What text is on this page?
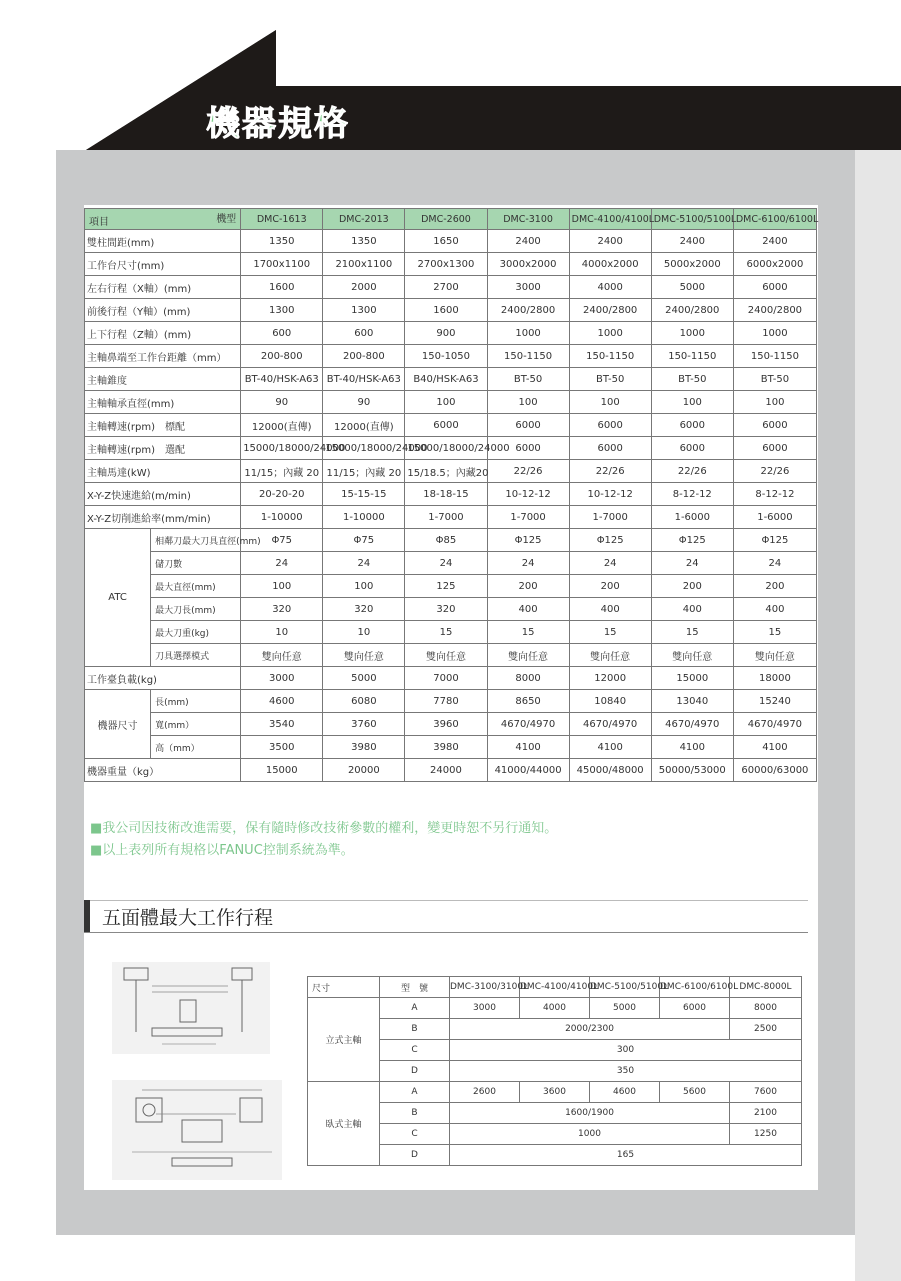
機器規格
機型
項目		DMC-1613	DMC-2013	DMC-2600	DMC-3100	DMC-4100/4100L	DMC-5100/5100L	DMC-6100/6100L
雙柱間距(mm)		1350	1350	1650	2400	2400	2400	2400
工作台尺寸(mm)		1700x1100	2100x1100	2700x1300	3000x2000	4000x2000	5000x2000	6000x2000
左右行程（X軸）(mm)		1600	2000	2700	3000	4000	5000	6000
前後行程（Y軸）(mm)		1300	1300	1600	2400/2800	2400/2800	2400/2800	2400/2800
上下行程（Z軸）(mm)		600	600	900	1000	1000	1000	1000
主軸鼻端至工作台距離（mm）		200-800	200-800	150-1050	150-1150	150-1150	150-1150	150-1150
主軸錐度		BT-40/HSK-A63	BT-40/HSK-A63	B40/HSK-A63	BT-50	BT-50	BT-50	BT-50
主軸軸承直徑(mm)		90	90	100	100	100	100	100
主軸轉速(rpm)　標配		12000(直傳)	12000(直傳)	6000	6000	6000	6000	6000
主軸轉速(rpm)　選配		15000/18000/24000	15000/18000/24000	15000/18000/24000	6000	6000	6000	6000
主軸馬達(kW)		11/15；內藏 20	11/15；內藏 20	15/18.5；內藏20	22/26	22/26	22/26	22/26
X-Y-Z快速進給(m/min)		20-20-20	15-15-15	18-18-15	10-12-12	10-12-12	8-12-12	8-12-12
X-Y-Z切削進給率(mm/min)		1-10000	1-10000	1-7000	1-7000	1-7000	1-6000	1-6000
ATC	相鄰刀最大刀具直徑(mm)	Φ75	Φ75	Φ85	Φ125	Φ125	Φ125	Φ125
	儲刀數	24	24	24	24	24	24	24
	最大直徑(mm)	100	100	125	200	200	200	200
	最大刀長(mm)	320	320	320	400	400	400	400
	最大刀重(kg)	10	10	15	15	15	15	15
	刀具選擇模式	雙向任意	雙向任意	雙向任意	雙向任意	雙向任意	雙向任意	雙向任意
工作臺負載(kg)		3000	5000	7000	8000	12000	15000	18000
機器尺寸	長(mm)	4600	6080	7780	8650	10840	13040	15240
	寬(mm）	3540	3760	3960	4670/4970	4670/4970	4670/4970	4670/4970
	高（mm）	3500	3980	3980	4100	4100	4100	4100
機器重量（kg）		15000	20000	24000	41000/44000	45000/48000	50000/53000	60000/63000
■我公司因技術改進需要，保有隨時修改技術參數的權利，變更時恕不另行通知。
■以上表列所有規格以FANUC控制系統為準。
五面體最大工作行程
尺寸	型　號	DMC-3100/3100L	DMC-4100/4100L	DMC-5100/5100L	DMC-6100/6100L	DMC-8000L
立式主軸	A	3000	4000	5000	6000	8000
	B	2000/2300				2500
	C	300				
	D	350				
臥式主軸	A	2600	3600	4600	5600	7600
	B	1600/1900				2100
	C	1000				1250
	D	165				
